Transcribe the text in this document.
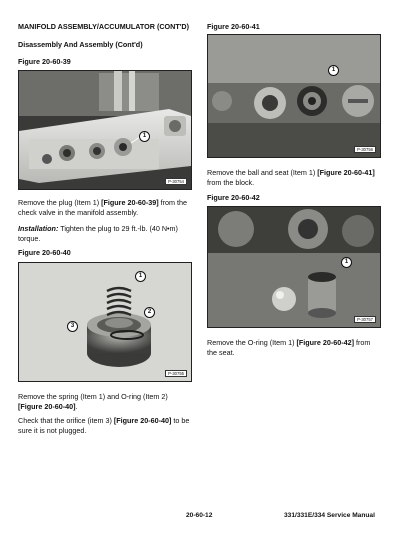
MANIFOLD ASSEMBLY/ACCUMULATOR (CONT'D)

Disassembly And Assembly (Cont'd)

Figure 20-60-39

1
P-30754

Remove the plug (Item 1) [Figure 20-60-39] from the check valve in the manifold assembly.

Installation: Tighten the plug to 29 ft.-lb. (40 N•m) torque.

Figure 20-60-40

1
2
3
P-30755

Remove the spring (Item 1) and O-ring (Item 2) [Figure 20-60-40].

Check that the orifice (item 3) [Figure 20-60-40] to be sure it is not plugged.

Figure 20-60-41

1
P-30756

Remove the ball and seat (Item 1) [Figure 20-60-41] from the block.

Figure 20-60-42

1
P-30757

Remove the O-ring (Item 1) [Figure 20-60-42] from the seat.

20-60-12	331/331E/334 Service Manual
